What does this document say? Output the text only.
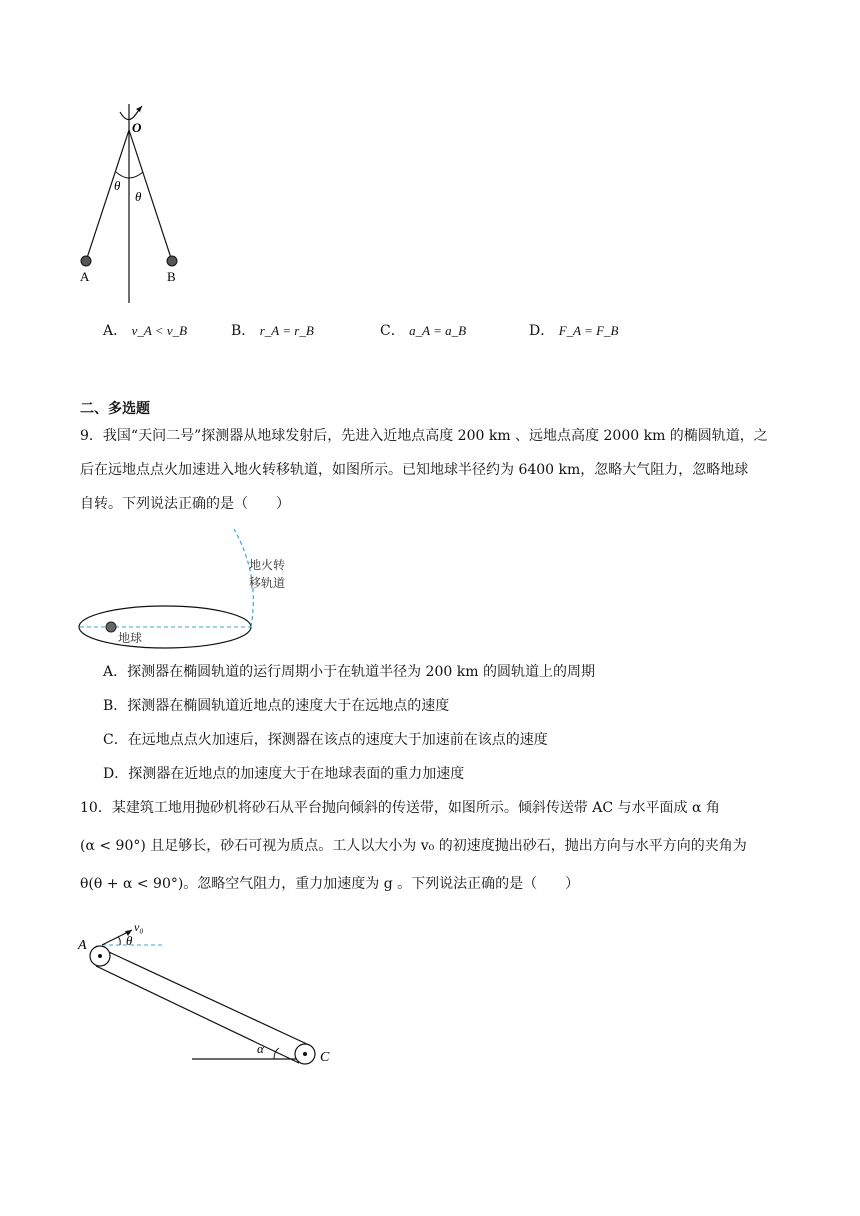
O
θ
θ
A	B
A． v_A < v_B	B． r_A = r_B	C． a_A = a_B	D． F_A = F_B
二、多选题
9．我国“天问二号”探测器从地球发射后，先进入近地点高度 200 km 、远地点高度 2000 km 的椭圆轨道，之
后在远地点点火加速进入地火转移轨道，如图所示。已知地球半径约为 6400 km，忽略大气阻力，忽略地球
自转。下列说法正确的是（　　）
地球
地火转
移轨道
A．探测器在椭圆轨道的运行周期小于在轨道半径为 200 km 的圆轨道上的周期
B．探测器在椭圆轨道近地点的速度大于在远地点的速度
C．在远地点点火加速后，探测器在该点的速度大于加速前在该点的速度
D．探测器在近地点的加速度大于在地球表面的重力加速度
10．某建筑工地用抛砂机将砂石从平台抛向倾斜的传送带，如图所示。倾斜传送带 AC 与水平面成 α 角
(α < 90°) 且足够长，砂石可视为质点。工人以大小为 v₀ 的初速度抛出砂石，抛出方向与水平方向的夹角为
θ(θ + α < 90°)。忽略空气阻力，重力加速度为 g 。下列说法正确的是（　　）
A
v₀
θ
α
C
